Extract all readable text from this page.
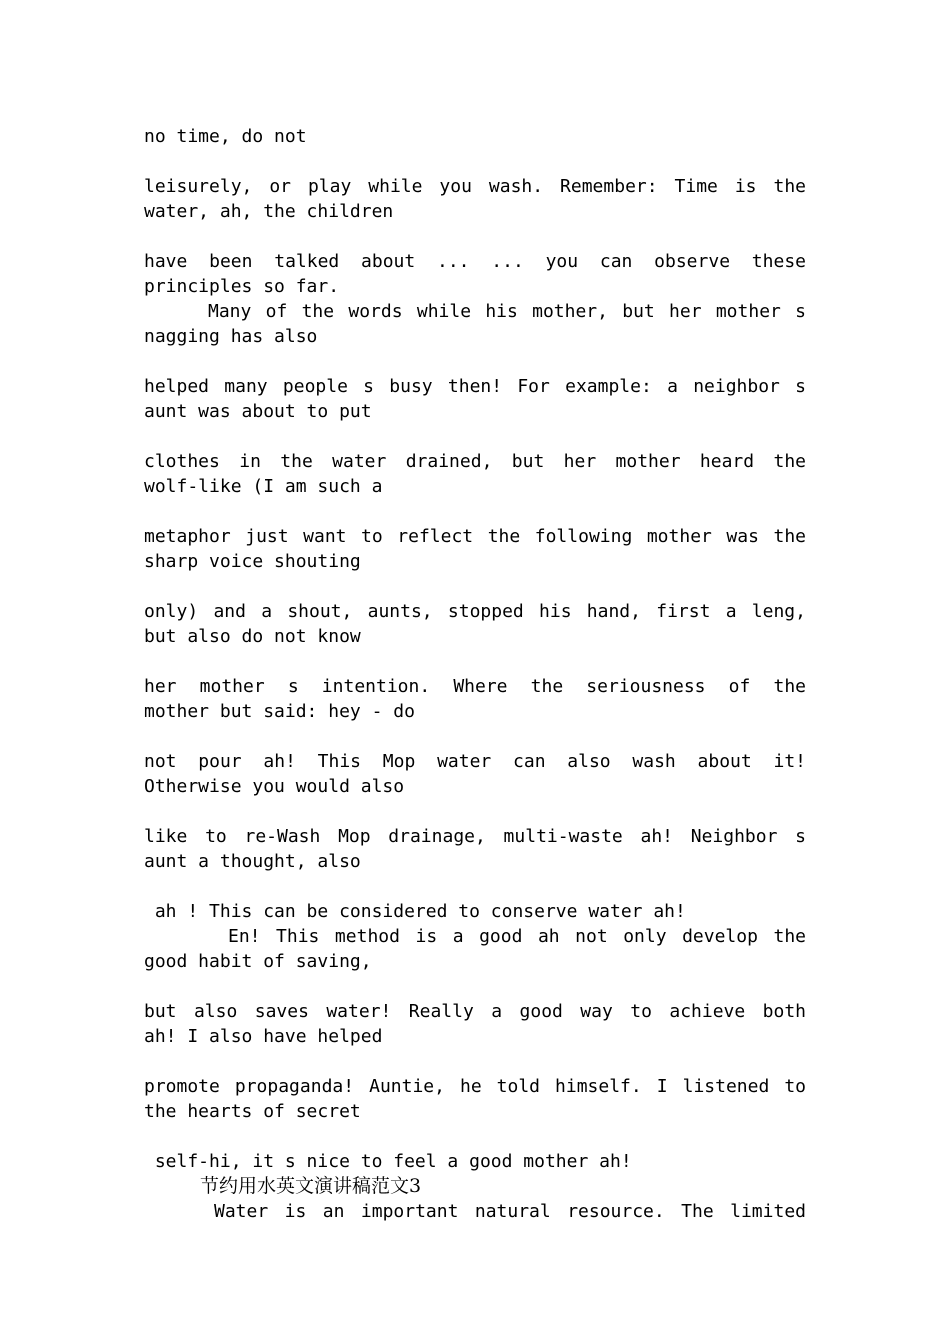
no time, do not
leisurely, or play while you wash. Remember: Time is the
water, ah, the children
have been talked about ... ... you can observe these
principles so far.
Many of the words while his mother, but her mother s
nagging has also
helped many people s busy then! For example: a neighbor s
aunt was about to put
clothes in the water drained, but her mother heard the
wolf-like (I am such a
metaphor just want to reflect the following mother was the
sharp voice shouting
only) and a shout, aunts, stopped his hand, first a leng,
but also do not know
her mother s intention. Where the seriousness of the
mother but said: hey - do
not pour ah! This Mop water can also wash about it!
Otherwise you would also
like to re-Wash Mop drainage, multi-waste ah! Neighbor s
aunt a thought, also
ah ! This can be considered to conserve water ah!
En! This method is a good ah not only develop the
good habit of saving,
but also saves water! Really a good way to achieve both
ah! I also have helped
promote propaganda! Auntie, he told himself. I listened to
the hearts of secret
self-hi, it s nice to feel a good mother ah!
节约用水英文演讲稿范文3
Water is an important natural resource. The limited
